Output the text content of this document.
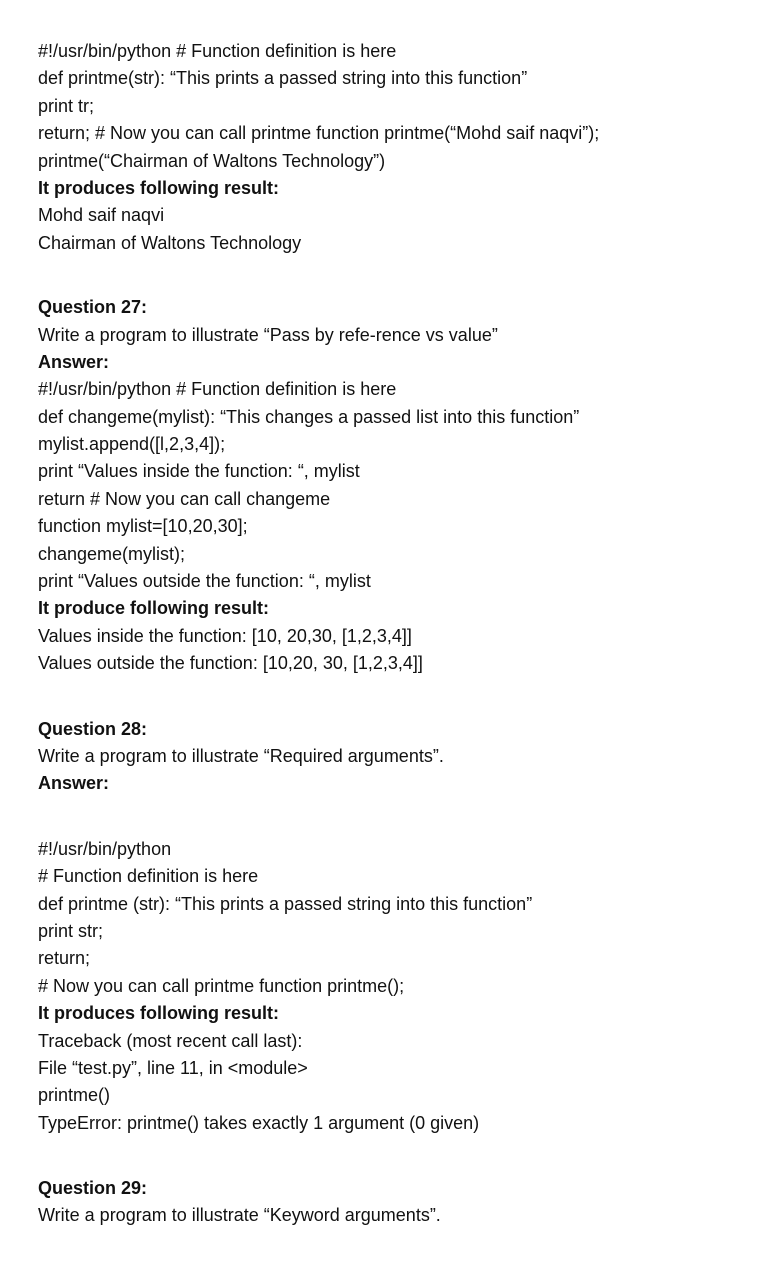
#!/usr/bin/python # Function definition is here
def printme(str): “This prints a passed string into this function”
print tr;
return; # Now you can call printme function printme(“Mohd saif naqvi”);
printme(“Chairman of Waltons Technology”)
It produces following result:
Mohd saif naqvi
Chairman of Waltons Technology
Question 27:
Write a program to illustrate “Pass by refe-rence vs value”
Answer:
#!/usr/bin/python # Function definition is here
def changeme(mylist): “This changes a passed list into this function”
mylist.append([l,2,3,4]);
print “Values inside the function: “, mylist
return # Now you can call changeme
function mylist=[10,20,30];
changeme(mylist);
print “Values outside the function: “, mylist
It produce following result:
Values inside the function: [10, 20,30, [1,2,3,4]]
Values outside the function: [10,20, 30, [1,2,3,4]]
Question 28:
Write a program to illustrate “Required arguments”.
Answer:
#!/usr/bin/python
# Function definition is here
def printme (str): “This prints a passed string into this function”
print str;
return;
# Now you can call printme function printme();
It produces following result:
Traceback (most recent call last):
File “test.py”, line 11, in <module>
printme()
TypeError: printme() takes exactly 1 argument (0 given)
Question 29:
Write a program to illustrate “Keyword arguments”.
